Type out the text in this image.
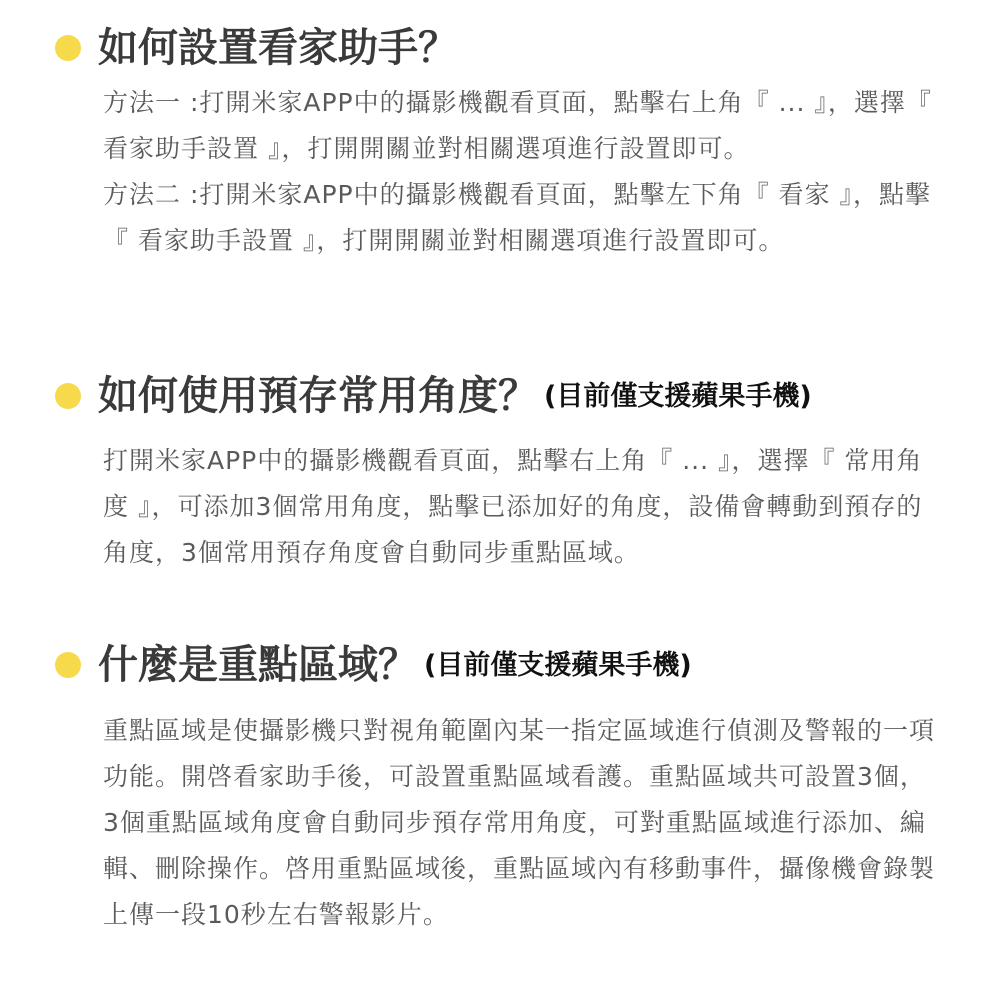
如何設置看家助手？
方法一 :打開米家APP中的攝影機觀看頁面，點擊右上角『 ... 』，選擇『 看家助手設置 』，打開開關並對相關選項進行設置即可。
方法二 :打開米家APP中的攝影機觀看頁面，點擊左下角『 看家 』，點擊『 看家助手設置 』，打開開關並對相關選項進行設置即可。
如何使用預存常用角度？ (目前僅支援蘋果手機)
打開米家APP中的攝影機觀看頁面，點擊右上角『 ... 』，選擇『 常用角度 』，可添加3個常用角度，點擊已添加好的角度，設備會轉動到預存的角度，3個常用預存角度會自動同步重點區域。
什麼是重點區域？ (目前僅支援蘋果手機)
重點區域是使攝影機只對視角範圍內某一指定區域進行偵測及警報的一項功能。開啓看家助手後，可設置重點區域看護。重點區域共可設置3個，3個重點區域角度會自動同步預存常用角度，可對重點區域進行添加、編輯、刪除操作。啓用重點區域後，重點區域內有移動事件，攝像機會錄製上傳一段10秒左右警報影片。
